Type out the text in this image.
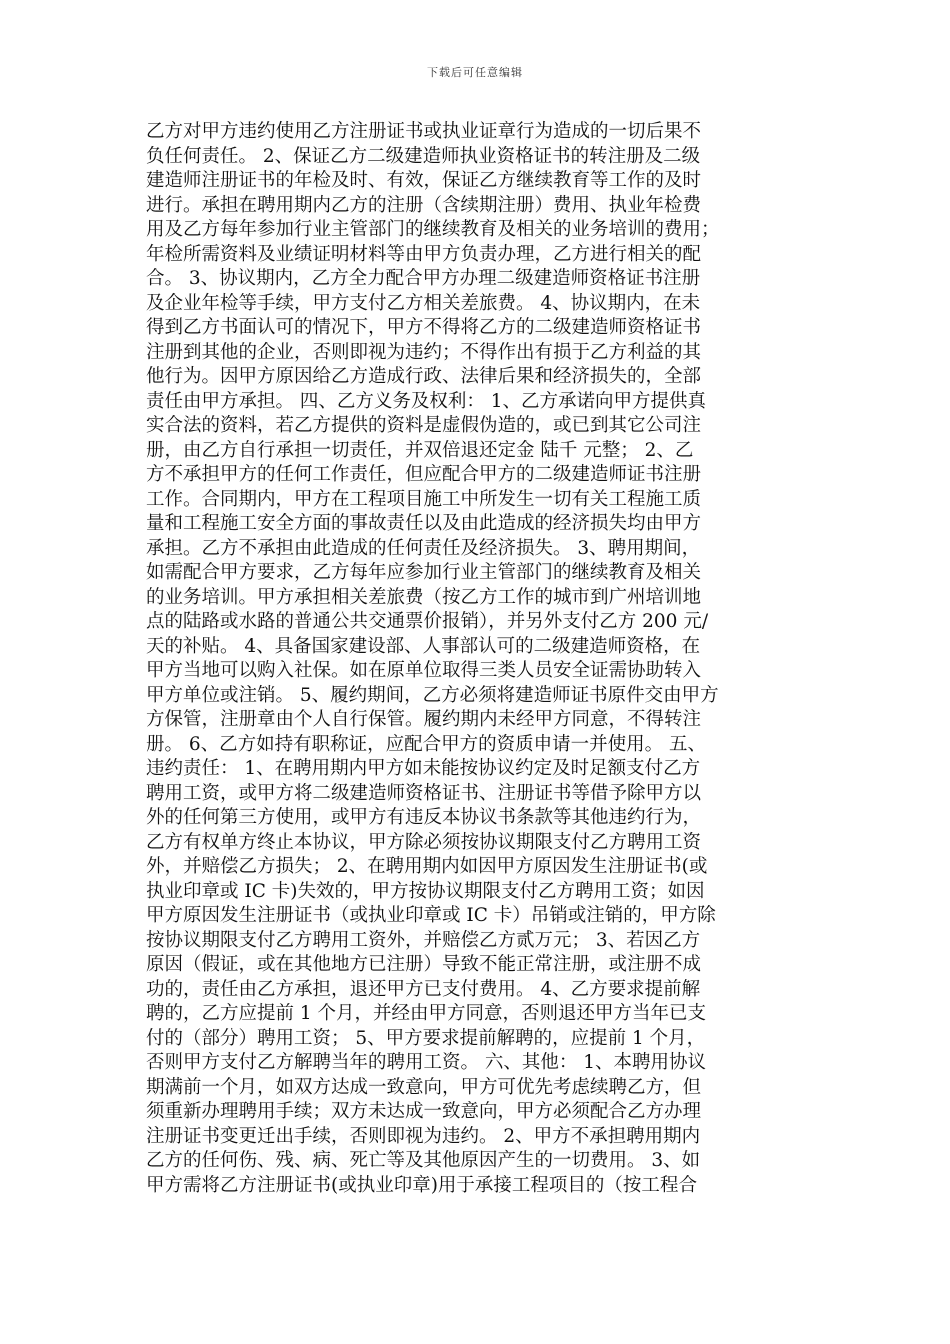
下载后可任意编辑
乙方对甲方违约使用乙方注册证书或执业证章行为造成的一切后果不
负任何责任。 2、保证乙方二级建造师执业资格证书的转注册及二级
建造师注册证书的年检及时、有效，保证乙方继续教育等工作的及时
进行。承担在聘用期内乙方的注册（含续期注册）费用、执业年检费
用及乙方每年参加行业主管部门的继续教育及相关的业务培训的费用；
年检所需资料及业绩证明材料等由甲方负责办理，乙方进行相关的配
合。 3、协议期内，乙方全力配合甲方办理二级建造师资格证书注册
及企业年检等手续，甲方支付乙方相关差旅费。 4、协议期内，在未
得到乙方书面认可的情况下，甲方不得将乙方的二级建造师资格证书
注册到其他的企业，否则即视为违约；不得作出有损于乙方利益的其
他行为。因甲方原因给乙方造成行政、法律后果和经济损失的，全部
责任由甲方承担。 四、乙方义务及权利： 1、乙方承诺向甲方提供真
实合法的资料，若乙方提供的资料是虚假伪造的，或已到其它公司注
册，由乙方自行承担一切责任，并双倍退还定金 陆千 元整； 2、乙
方不承担甲方的任何工作责任，但应配合甲方的二级建造师证书注册
工作。合同期内，甲方在工程项目施工中所发生一切有关工程施工质
量和工程施工安全方面的事故责任以及由此造成的经济损失均由甲方
承担。乙方不承担由此造成的任何责任及经济损失。 3、聘用期间，
如需配合甲方要求，乙方每年应参加行业主管部门的继续教育及相关
的业务培训。甲方承担相关差旅费（按乙方工作的城市到广州培训地
点的陆路或水路的普通公共交通票价报销），并另外支付乙方 200 元/
天的补贴。 4、具备国家建设部、人事部认可的二级建造师资格，在
甲方当地可以购入社保。如在原单位取得三类人员安全证需协助转入
甲方单位或注销。 5、履约期间，乙方必须将建造师证书原件交由甲方
方保管，注册章由个人自行保管。履约期内未经甲方同意，不得转注
册。 6、乙方如持有职称证，应配合甲方的资质申请一并使用。 五、
违约责任： 1、在聘用期内甲方如未能按协议约定及时足额支付乙方
聘用工资，或甲方将二级建造师资格证书、注册证书等借予除甲方以
外的任何第三方使用，或甲方有违反本协议书条款等其他违约行为，
乙方有权单方终止本协议，甲方除必须按协议期限支付乙方聘用工资
外，并赔偿乙方损失； 2、在聘用期内如因甲方原因发生注册证书(或
执业印章或 IC 卡)失效的，甲方按协议期限支付乙方聘用工资；如因
甲方原因发生注册证书（或执业印章或 IC 卡）吊销或注销的，甲方除
按协议期限支付乙方聘用工资外，并赔偿乙方贰万元； 3、若因乙方
原因（假证，或在其他地方已注册）导致不能正常注册，或注册不成
功的，责任由乙方承担，退还甲方已支付费用。 4、乙方要求提前解
聘的，乙方应提前 1 个月，并经由甲方同意，否则退还甲方当年已支
付的（部分）聘用工资； 5、甲方要求提前解聘的，应提前 1 个月，
否则甲方支付乙方解聘当年的聘用工资。 六、其他： 1、本聘用协议
期满前一个月，如双方达成一致意向，甲方可优先考虑续聘乙方，但
须重新办理聘用手续；双方未达成一致意向，甲方必须配合乙方办理
注册证书变更迁出手续，否则即视为违约。 2、甲方不承担聘用期内
乙方的任何伤、残、病、死亡等及其他原因产生的一切费用。 3、如
甲方需将乙方注册证书(或执业印章)用于承接工程项目的（按工程合
